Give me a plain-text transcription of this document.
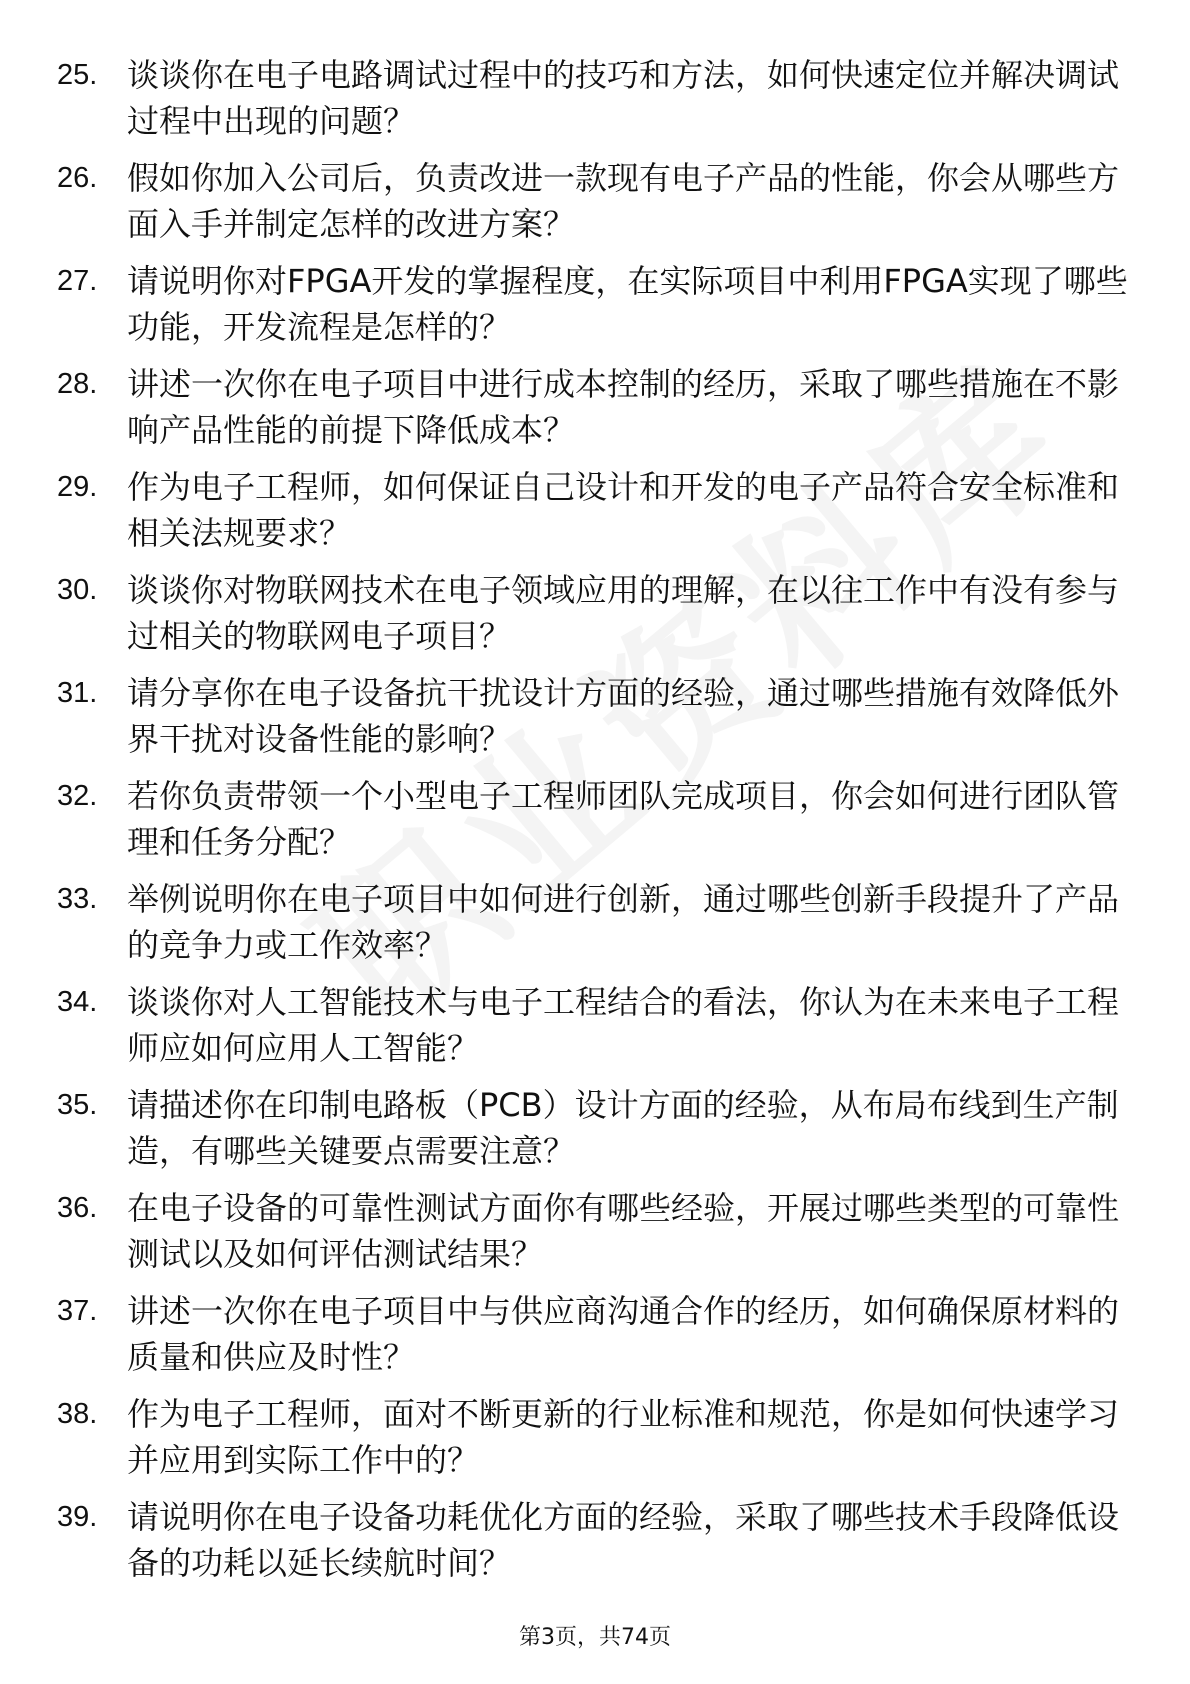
25. 谈谈你在电子电路调试过程中的技巧和方法，如何快速定位并解决调试过程中出现的问题？
26. 假如你加入公司后，负责改进一款现有电子产品的性能，你会从哪些方面入手并制定怎样的改进方案？
27. 请说明你对FPGA开发的掌握程度，在实际项目中利用FPGA实现了哪些功能，开发流程是怎样的？
28. 讲述一次你在电子项目中进行成本控制的经历，采取了哪些措施在不影响产品性能的前提下降低成本？
29. 作为电子工程师，如何保证自己设计和开发的电子产品符合安全标准和相关法规要求？
30. 谈谈你对物联网技术在电子领域应用的理解，在以往工作中有没有参与过相关的物联网电子项目？
31. 请分享你在电子设备抗干扰设计方面的经验，通过哪些措施有效降低外界干扰对设备性能的影响？
32. 若你负责带领一个小型电子工程师团队完成项目，你会如何进行团队管理和任务分配？
33. 举例说明你在电子项目中如何进行创新，通过哪些创新手段提升了产品的竞争力或工作效率？
34. 谈谈你对人工智能技术与电子工程结合的看法，你认为在未来电子工程师应如何应用人工智能？
35. 请描述你在印制电路板（PCB）设计方面的经验，从布局布线到生产制造，有哪些关键要点需要注意？
36. 在电子设备的可靠性测试方面你有哪些经验，开展过哪些类型的可靠性测试以及如何评估测试结果？
37. 讲述一次你在电子项目中与供应商沟通合作的经历，如何确保原材料的质量和供应及时性？
38. 作为电子工程师，面对不断更新的行业标准和规范，你是如何快速学习并应用到实际工作中的？
39. 请说明你在电子设备功耗优化方面的经验，采取了哪些技术手段降低设备的功耗以延长续航时间？
第3页，共74页
